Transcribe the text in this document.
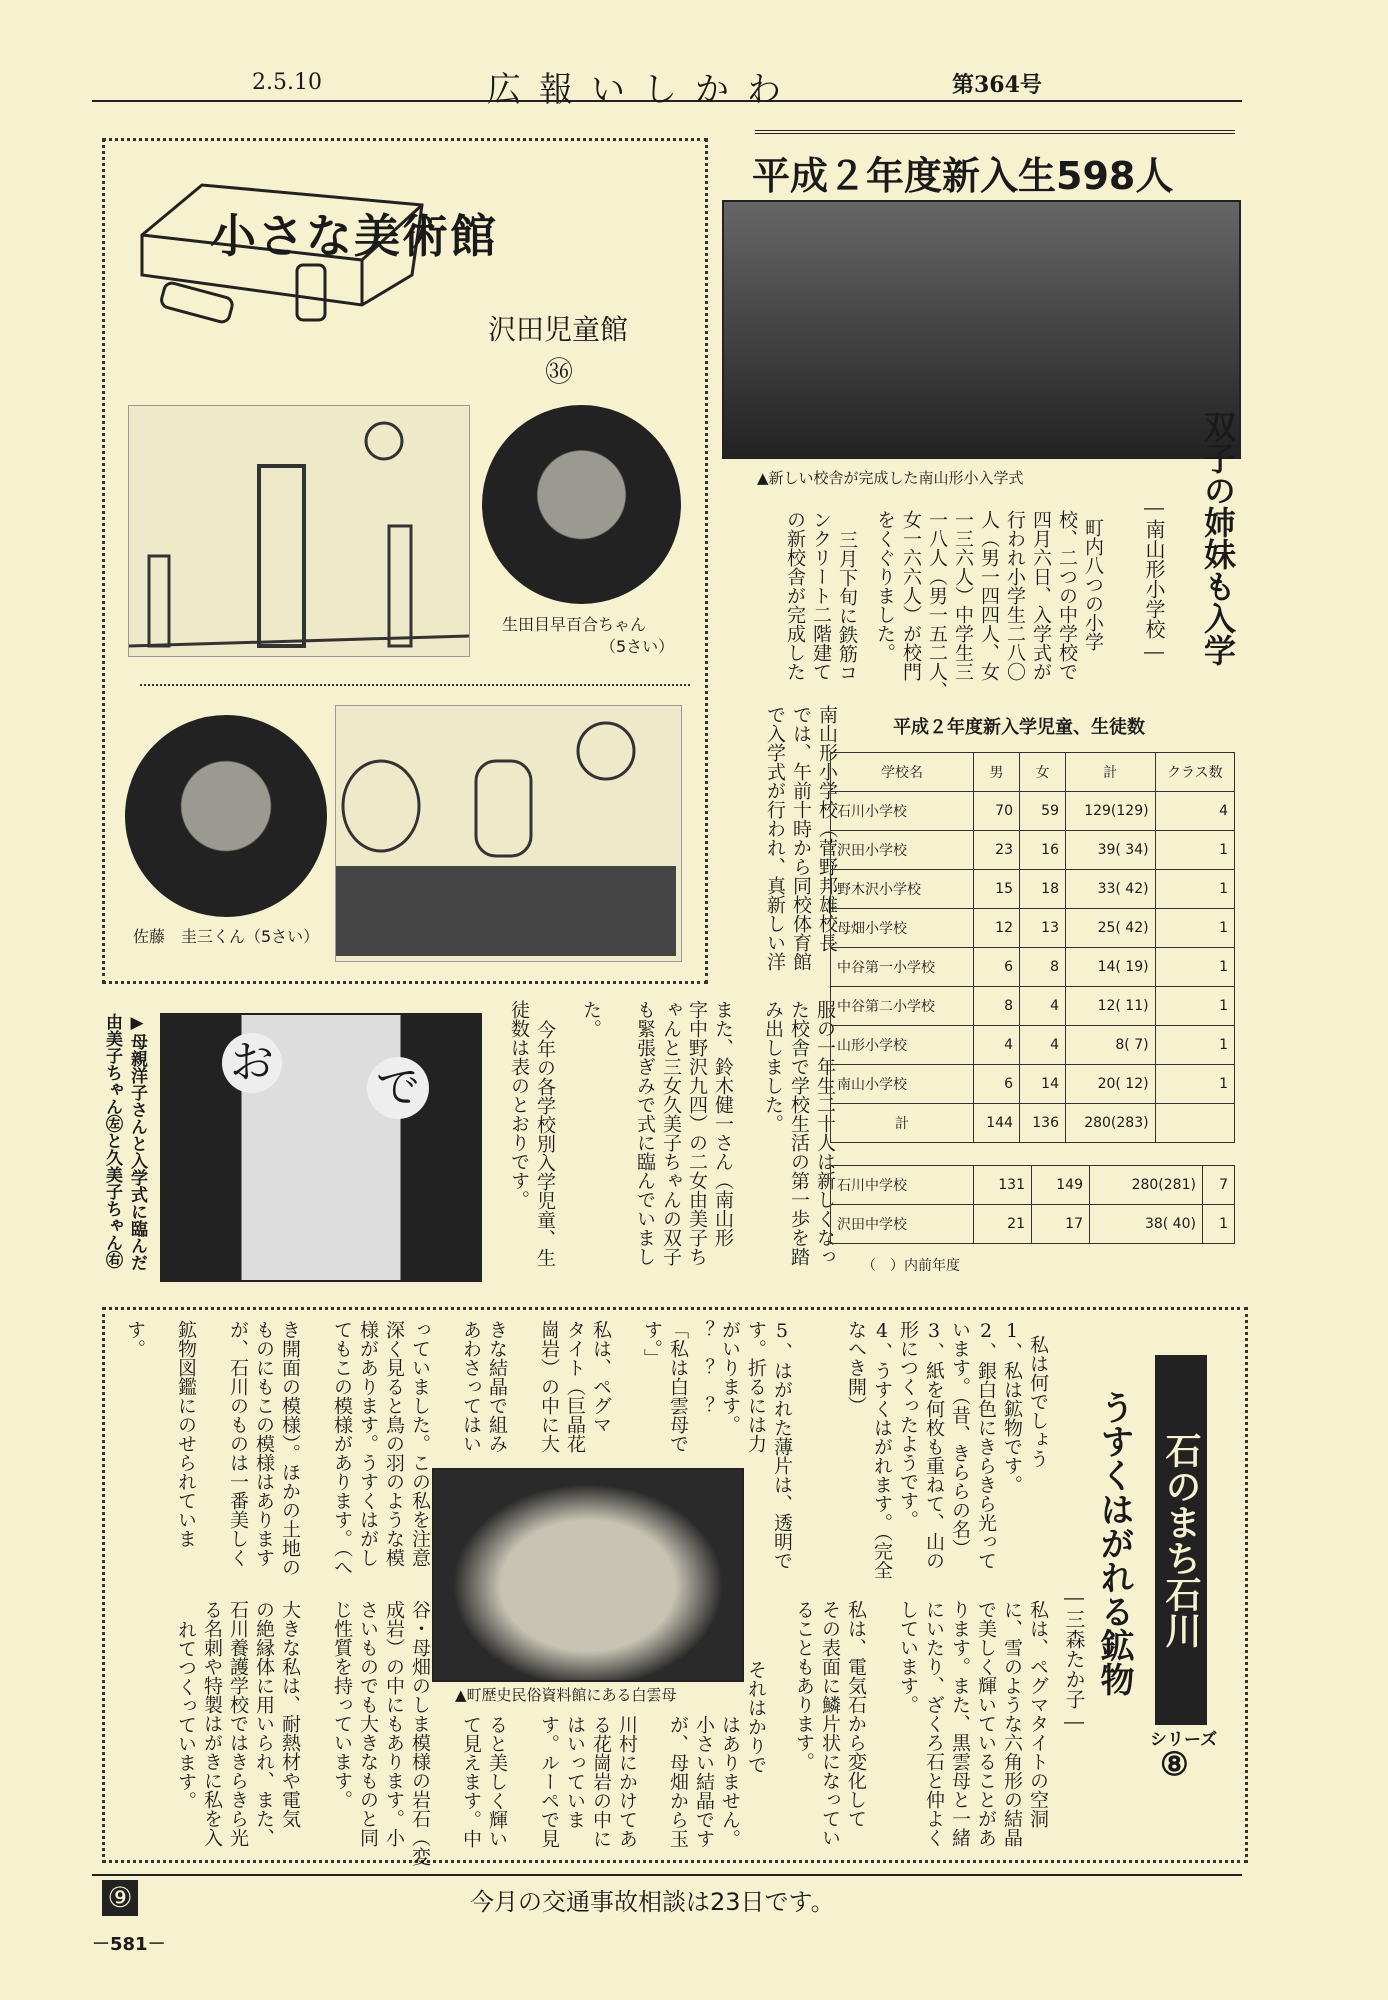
2.5.10	広報いしかわ	第364号
小さな美術館
沢田児童館
㊱
生田目早百合ちゃん
（5さい）
佐藤　圭三くん（5さい）
平成２年度新入生598人
▲新しい校舎が完成した南山形小入学式	双子の姉妹も入学
―南山形小学校―
町内八つの小学
校、二つの中学校で
四月六日、入学式が
行われ小学生二八〇
人（男一四四人、女
一三六人）中学生三
一八人（男一五二人、
女一六六人）が校門
をくぐりました。
三月下旬に鉄筋コ
ンクリート二階建て
の新校舎が完成した
南山形小学校（菅野邦雄校長
では、午前十時から同校体育館
で入学式が行われ、真新しい洋
服の一年生二十人は新しくなっ
た校舎で学校生活の第一歩を踏
み出しました。
また、鈴木健一さん（南山形
字中野沢九四）の二女由美子ち
ゃんと三女久美子ちゃんの双子
も緊張ぎみで式に臨んでいまし
た。
今年の各学校別入学児童、生
徒数は表のとおりです。
お で
▶母親洋子さんと入学式に臨んだ由美子ちゃん㊧と久美子ちゃん㊨
平成２年度新入学児童、生徒数
学校名	男	女	計	クラス数
石川小学校	70	59	129(129)	4
沢田小学校	23	16	39( 34)	1
野木沢小学校	15	18	33( 42)	1
母畑小学校	12	13	25( 42)	1
中谷第一小学校	6	8	14( 19)	1
中谷第二小学校	8	4	12( 11)	1
山形小学校	4	4	8( 7)	1
南山小学校	6	14	20( 12)	1
計	144	136	280(283)	
石川中学校	131	149	280(281)	7
沢田中学校	21	17	38( 40)	1
（　）内前年度
石のまち石川
シリーズ
⑧
うすくはがれる鉱物
―三森たか子―
▲町歴史民俗資料館にある白雲母
私は何でしょう
1、私は鉱物です。
2、銀白色にきらきら光って
います。（昔、きららの名）
3、紙を何枚も重ねて、山の
形につくったようです。
4、うすくはがれます。（完全
なへき開）
5、はがれた薄片は、透明で
す。折るには力
がいります。
？　？　？
「私は白雲母で
す。」
私は、ペグマ
タイト（巨晶花
崗岩）の中に大
きな結晶で組み
あわさってはい
っていました。この私を注意
深く見ると鳥の羽のような模
様があります。うすくはがし
てもこの模様があります。（へ
き開面の模様）。ほかの土地の
ものにもこの模様はあります
が、石川のものは一番美しく
鉱物図鑑にのせられていま
す。
私は、ペグマタイトの空洞
に、雪のような六角形の結晶
で美しく輝いていることがあ
ります。また、黒雲母と一緒
にいたり、ざくろ石と仲よく
しています。
私は、電気石から変化して
その表面に鱗片状になってい
ることもあります。
それはかりで
はありません。
小さい結晶です
が、母畑から玉
川村にかけてあ
る花崗岩の中に
はいっていま
す。ルーペで見
ると美しく輝い
て見えます。中
谷・母畑のしま模様の岩石（変
成岩）の中にもあります。小
さいものでも大きなものと同
じ性質を持っています。
大きな私は、耐熱材や電気
の絶縁体に用いられ、また、
石川養護学校ではきらきら光
る名刺や特製はがきに私を入
れてつくっています。
⑨	今月の交通事故相談は23日です。
－581－
